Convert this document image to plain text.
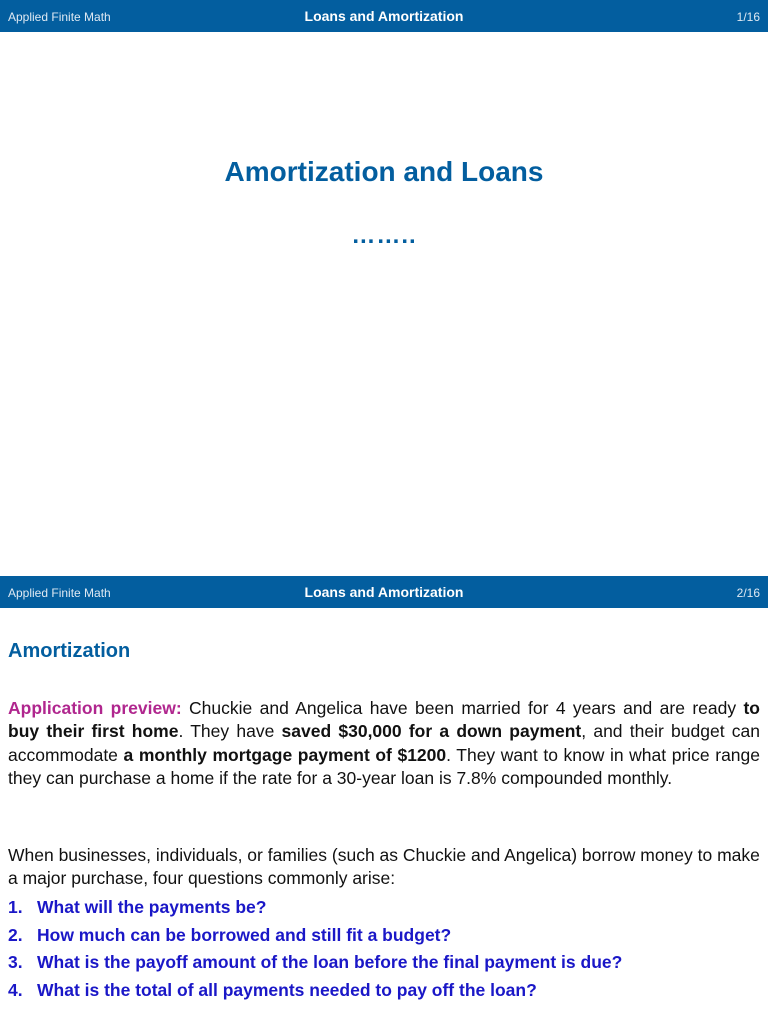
Applied Finite Math	Loans and Amortization	1/16
Amortization and Loans
……..
Applied Finite Math	Loans and Amortization	2/16
Amortization
Application preview: Chuckie and Angelica have been married for 4 years and are ready to buy their first home. They have saved $30,000 for a down payment, and their budget can accommodate a monthly mortgage payment of $1200. They want to know in what price range they can purchase a home if the rate for a 30-year loan is 7.8% compounded monthly.
When businesses, individuals, or families (such as Chuckie and Angelica) borrow money to make a major purchase, four questions commonly arise:
1. What will the payments be?
2. How much can be borrowed and still fit a budget?
3. What is the payoff amount of the loan before the final payment is due?
4. What is the total of all payments needed to pay off the loan?
